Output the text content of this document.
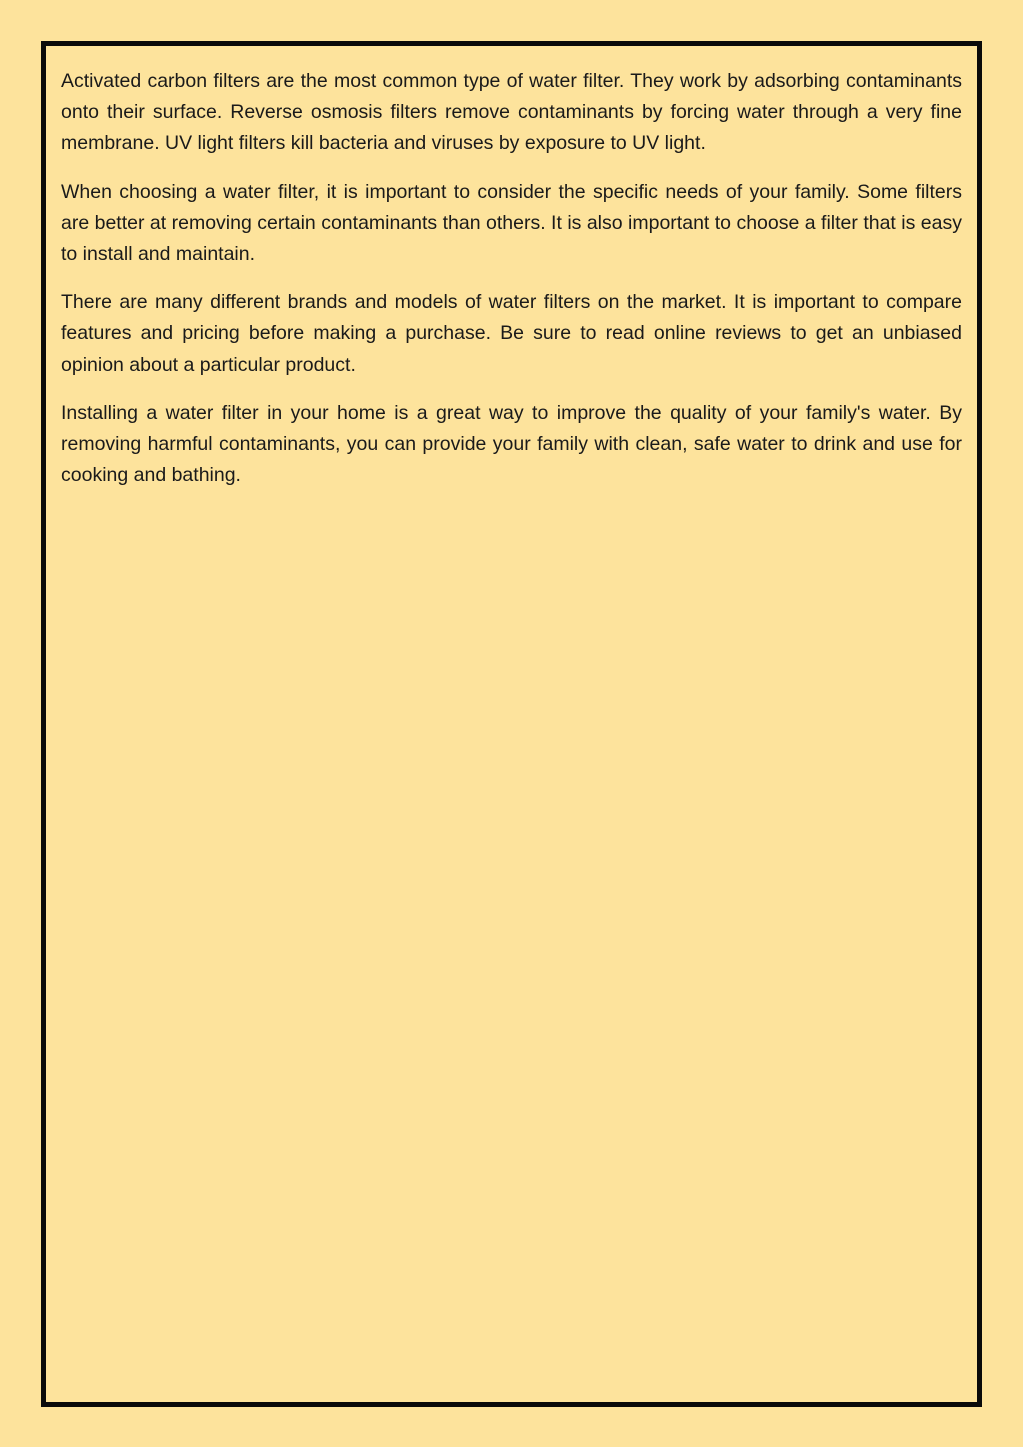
Activated carbon filters are the most common type of water filter. They work by adsorbing contaminants onto their surface. Reverse osmosis filters remove contaminants by forcing water through a very fine membrane. UV light filters kill bacteria and viruses by exposure to UV light.

When choosing a water filter, it is important to consider the specific needs of your family. Some filters are better at removing certain contaminants than others. It is also important to choose a filter that is easy to install and maintain.

There are many different brands and models of water filters on the market. It is important to compare features and pricing before making a purchase. Be sure to read online reviews to get an unbiased opinion about a particular product.

Installing a water filter in your home is a great way to improve the quality of your family's water. By removing harmful contaminants, you can provide your family with clean, safe water to drink and use for cooking and bathing.
